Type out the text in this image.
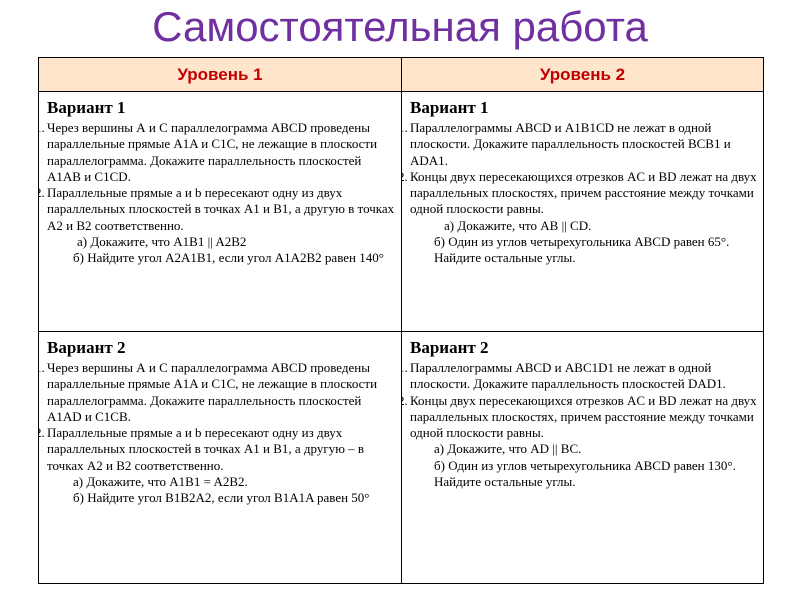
Самостоятельная работа
Уровень 1	Уровень 2
Вариант 1
Через вершины А и С параллелограмма ABCD проведены параллельные прямые A1A и C1C, не лежащие в плоскости параллелограмма. Докажите параллельность плоскостей A1AB и C1CD.
Параллельные прямые a и b пересекают одну из двух параллельных плоскостей в точках А1 и В1, а другую в точках А2 и В2 соответственно.

а) Докажите, что A1B1 || A2B2

б) Найдите угол A2A1B1, если угол A1A2B2 равен 140°

Вариант 1
Параллелограммы ABCD и A1B1CD не лежат в одной плоскости. Докажите параллельность плоскостей BCB1 и ADA1.
Концы двух пересекающихся отрезков AC и BD лежат на двух параллельных плоскостях, причем расстояние между точками одной плоскости равны.

а) Докажите, что AB || CD.

б) Один из углов четырехугольника ABCD равен 65°. Найдите остальные углы.

Вариант 2
Через вершины А и С параллелограмма ABCD проведены параллельные прямые A1A и C1C, не лежащие в плоскости параллелограмма. Докажите параллельность плоскостей A1AD и C1CB.
Параллельные прямые a и b пересекают одну из двух параллельных плоскостей в точках А1 и В1, а другую – в точках А2 и В2 соответственно.

а) Докажите, что A1B1 = A2B2.

б) Найдите угол B1B2A2, если угол B1A1A равен 50°

Вариант 2
Параллелограммы ABCD и ABC1D1 не лежат в одной плоскости. Докажите параллельность плоскостей DAD1.
Концы двух пересекающихся отрезков AC и BD лежат на двух параллельных плоскостях, причем расстояние между точками одной плоскости равны.

а) Докажите, что AD || BC.

б) Один из углов четырехугольника ABCD равен 130°. Найдите остальные углы.
